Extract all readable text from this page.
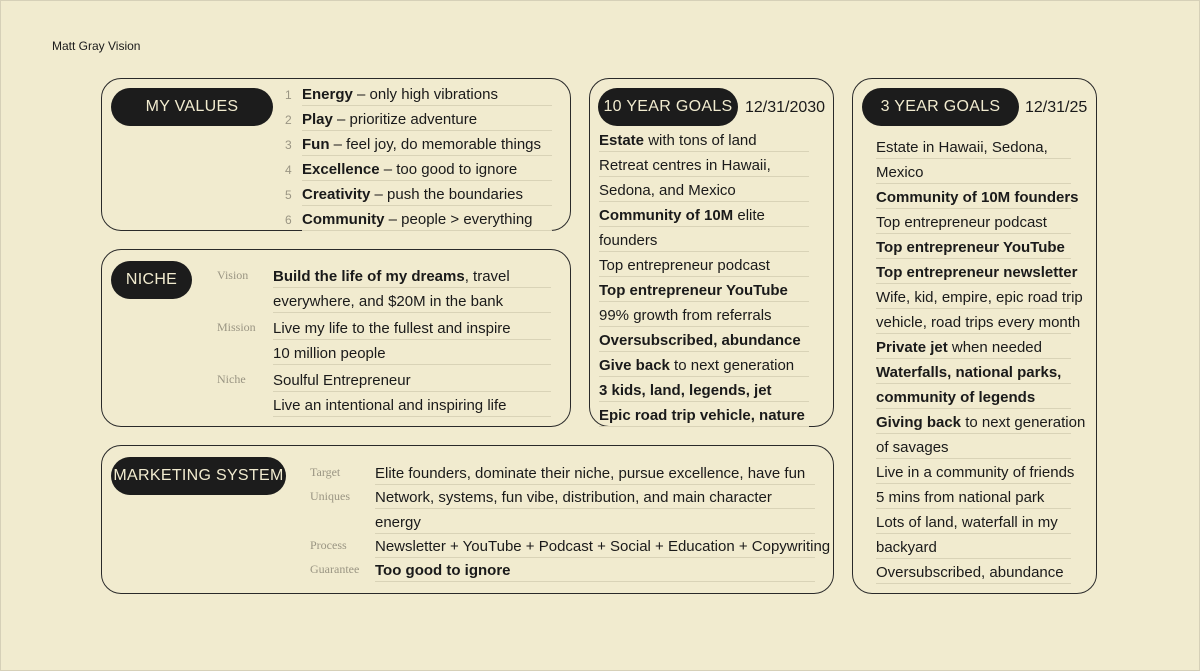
Matt Gray Vision
MY VALUES
1 Energy – only high vibrations
2 Play – prioritize adventure
3 Fun – feel joy, do memorable things
4 Excellence – too good to ignore
5 Creativity – push the boundaries
6 Community – people > everything
NICHE	Vision Build the life of my dreams, travel
everywhere, and $20M in the bank
Mission Live my life to the fullest and inspire
10 million people
Niche Soulful Entrepreneur
Live an intentional and inspiring life
MARKETING SYSTEM Target Elite founders, dominate their niche, pursue excellence, have fun
Uniques Network, systems, fun vibe, distribution, and main character
energy
Process Newsletter + YouTube + Podcast + Social + Education + Copywriting
Guarantee Too good to ignore
10 YEAR GOALS 12/31/2030
Estate with tons of land
Retreat centres in Hawaii,
Sedona, and Mexico
Community of 10M elite
founders
Top entrepreneur podcast
Top entrepreneur YouTube
99% growth from referrals
Oversubscribed, abundance
Give back to next generation
3 kids, land, legends, jet
Epic road trip vehicle, nature
3 YEAR GOALS	12/31/25
Estate in Hawaii, Sedona,
Mexico
Community of 10M founders
Top entrepreneur podcast
Top entrepreneur YouTube
Top entrepreneur newsletter
Wife, kid, empire, epic road trip
vehicle, road trips every month
Private jet when needed
Waterfalls, national parks,
community of legends
Giving back to next generation
of savages
Live in a community of friends
5 mins from national park
Lots of land, waterfall in my
backyard
Oversubscribed, abundance
